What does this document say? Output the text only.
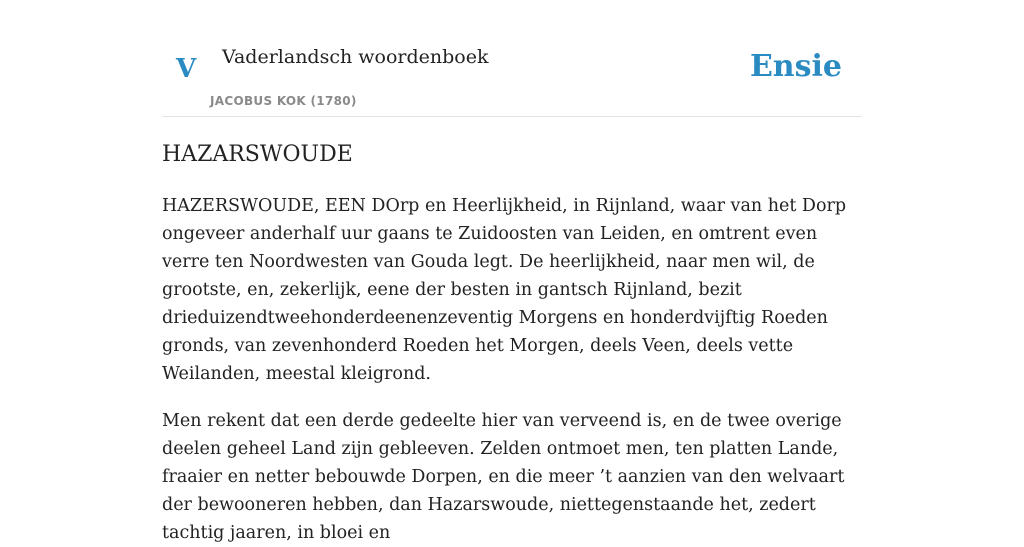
V Vaderlandsch woordenboek
JACOBUS KOK (1780)
Ensie
HAZARSWOUDE

HAZERSWOUDE, EEN DOrp en Heerlijkheid, in Rijnland, waar van het Dorp ongeveer anderhalf uur gaans te Zuidoosten van Leiden, en omtrent even verre ten Noordwesten van Gouda legt. De heerlijkheid, naar men wil, de grootste, en, zekerlijk, eene der besten in gantsch Rijnland, bezit drieduizendtweehonderdeenenzeventig Morgens en honderdvijftig Roeden gronds, van zevenhonderd Roeden het Morgen, deels Veen, deels vette Weilanden, meestal kleigrond.

Men rekent dat een derde gedeelte hier van verveend is, en de twee overige deelen geheel Land zijn gebleeven. Zelden ontmoet men, ten platten Lande, fraaier en netter bebouwde Dorpen, en die meer ’t aanzien van den welvaart der bewooneren hebben, dan Hazarswoude, niettegenstaande het, zedert tachtig jaaren, in bloei en
